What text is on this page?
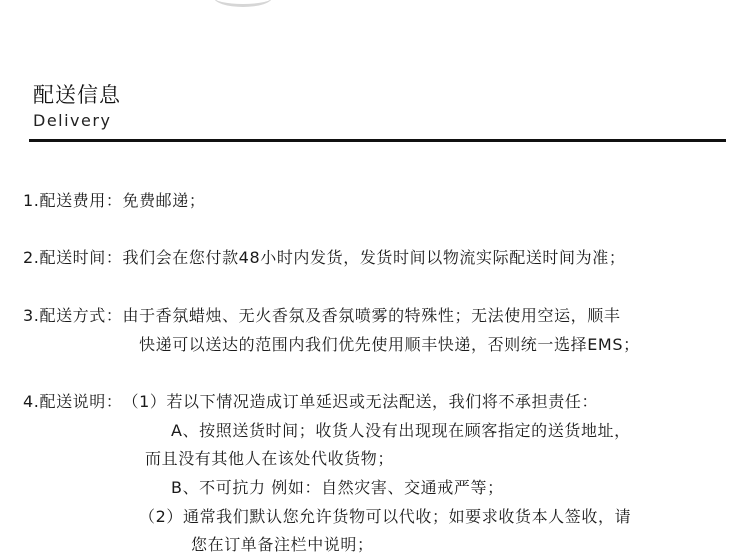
配送信息
Delivery
1.配送费用：免费邮递；
2.配送时间：我们会在您付款48小时内发货，发货时间以物流实际配送时间为准；
3.配送方式：由于香氛蜡烛、无火香氛及香氛喷雾的特殊性；无法使用空运，顺丰
快递可以送达的范围内我们优先使用顺丰快递，否则统一选择EMS；
4.配送说明：（1）若以下情况造成订单延迟或无法配送，我们将不承担责任：
A、按照送货时间；收货人没有出现现在顾客指定的送货地址，
而且没有其他人在该处代收货物；
B、不可抗力 例如：自然灾害、交通戒严等；
（2）通常我们默认您允许货物可以代收；如要求收货本人签收，请
您在订单备注栏中说明；
